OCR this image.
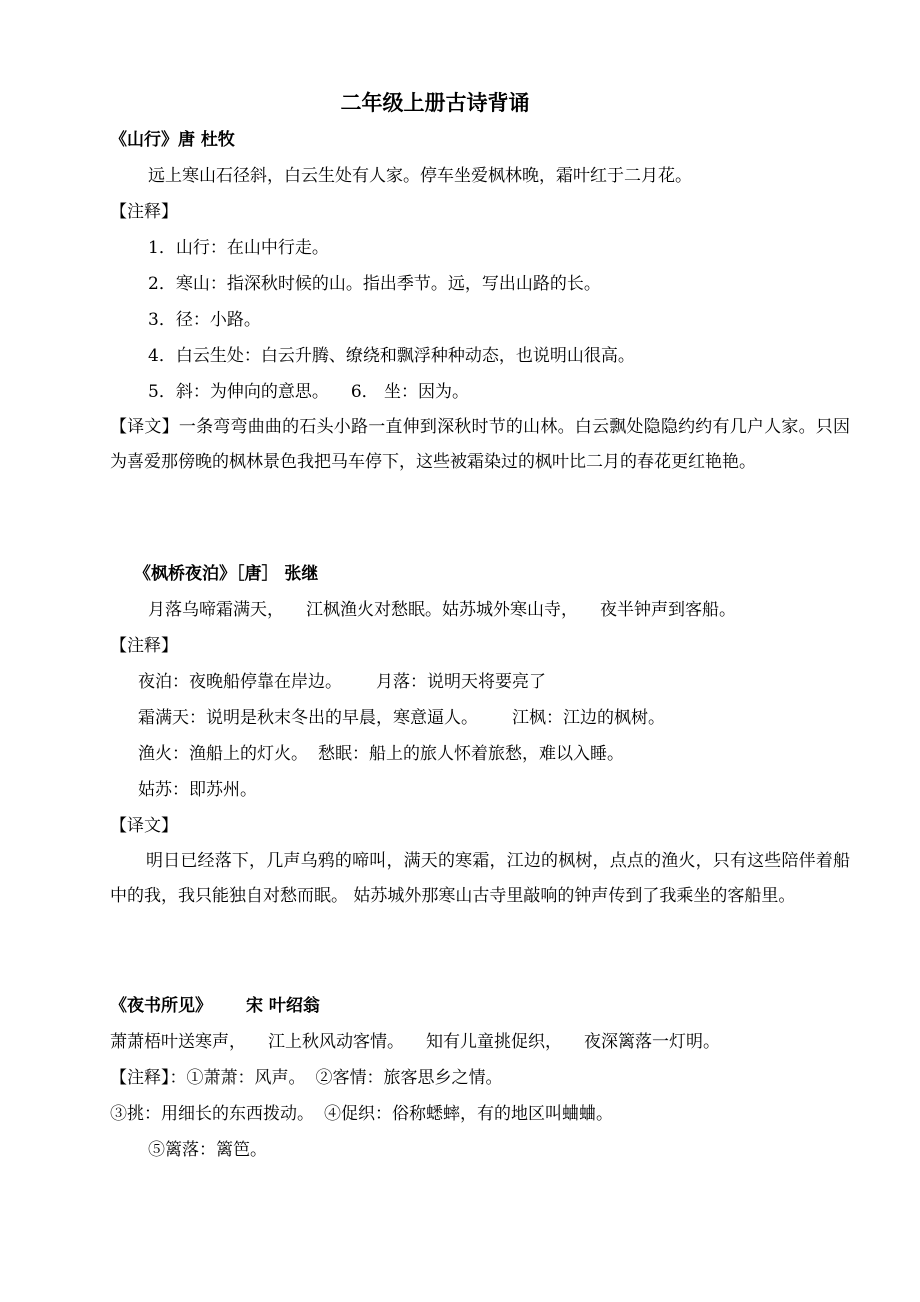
二年级上册古诗背诵
《山行》唐 杜牧
远上寒山石径斜，白云生处有人家。停车坐爱枫林晚，霜叶红于二月花。
【注释】
1．山行：在山中行走。
2．寒山：指深秋时候的山。指出季节。远，写出山路的长。
3．径：小路。
4．白云生处：白云升腾、缭绕和飘浮种种动态，也说明山很高。
5．斜：为伸向的意思。 6． 坐：因为。
【译文】一条弯弯曲曲的石头小路一直伸到深秋时节的山林。白云飘处隐隐约约有几户人家。只因为喜爱那傍晚的枫林景色我把马车停下，这些被霜染过的枫叶比二月的春花更红艳艳。
《枫桥夜泊》［唐］ 张继
月落乌啼霜满天， 江枫渔火对愁眠。姑苏城外寒山寺， 夜半钟声到客船。
【注释】
夜泊：夜晚船停靠在岸边。 月落：说明天将要亮了
霜满天：说明是秋末冬出的早晨，寒意逼人。 江枫：江边的枫树。
渔火：渔船上的灯火。 愁眠：船上的旅人怀着旅愁，难以入睡。
姑苏：即苏州。
【译文】
明日已经落下，几声乌鸦的啼叫，满天的寒霜，江边的枫树，点点的渔火，只有这些陪伴着船中的我，我只能独自对愁而眠。 姑苏城外那寒山古寺里敲响的钟声传到了我乘坐的客船里。
《夜书所见》 宋 叶绍翁
萧萧梧叶送寒声， 江上秋风动客情。 知有儿童挑促织， 夜深篱落一灯明。
【注释】：①萧萧：风声。 ②客情：旅客思乡之情。
③挑：用细长的东西拨动。 ④促织：俗称蟋蟀，有的地区叫蛐蛐。
⑤篱落：篱笆。
